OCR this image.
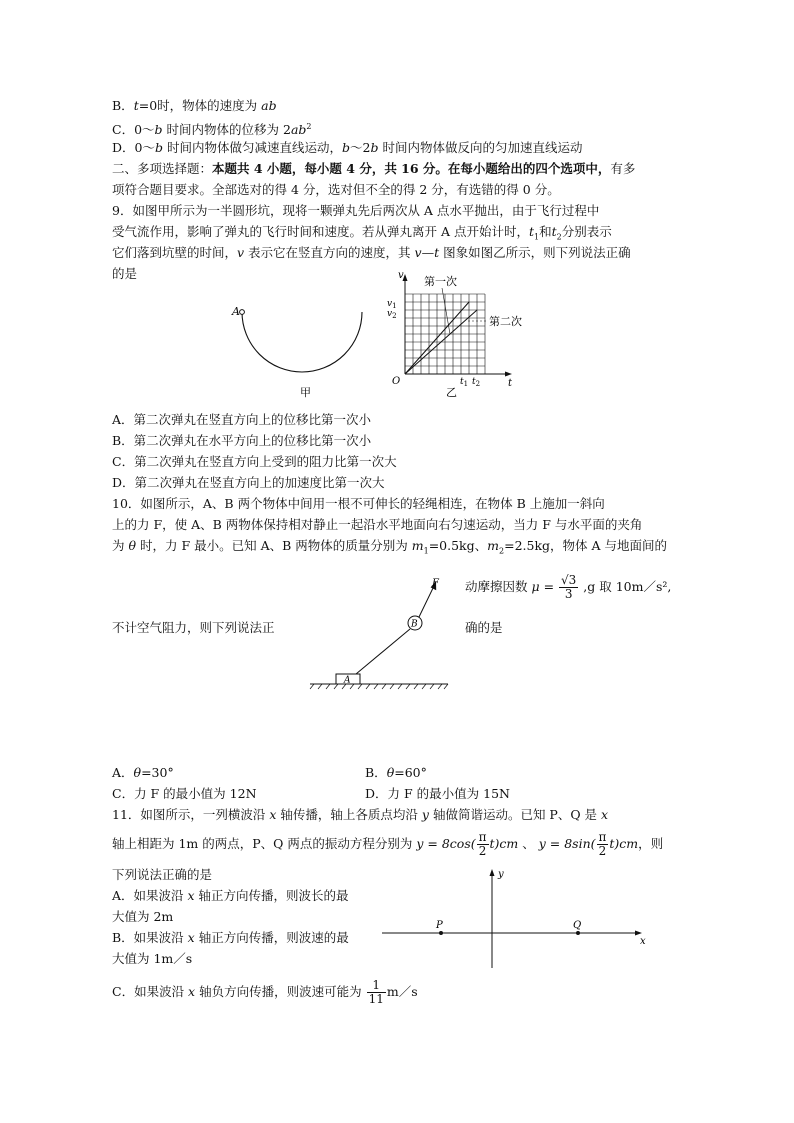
B．t=0时，物体的速度为 ab
C．0～b 时间内物体的位移为 $2ab^2$
D．0～b 时间内物体做匀减速直线运动，b～2b 时间内物体做反向的匀加速直线运动
二、多项选择题：本题共 4 小题，每小题 4 分，共 16 分。在每小题给出的四个选项中，有多
项符合题目要求。全部选对的得 4 分，选对但不全的得 2 分，有选错的得 0 分。
9．如图甲所示为一半圆形坑，现将一颗弹丸先后两次从 A 点水平抛出，由于飞行过程中
受气流作用，影响了弹丸的飞行时间和速度。若从弹丸离开 A 点开始计时，$t_1$和$t_2$分别表示
它们落到坑壁的时间，v 表示它在竖直方向的速度，其 v—t 图象如图乙所示，则下列说法正确
的是
A
甲
第一次
第二次
v
t
O
$v_1$
$v_2$
$t_1$ $t_2$
乙
A．第二次弹丸在竖直方向上的位移比第一次小
B．第二次弹丸在水平方向上的位移比第一次小
C．第二次弹丸在竖直方向上受到的阻力比第一次大
D．第二次弹丸在竖直方向上的加速度比第一次大
10．如图所示，A、B 两个物体中间用一根不可伸长的轻绳相连，在物体 B 上施加一斜向
上的力 F，使 A、B 两物体保持相对静止一起沿水平地面向右匀速运动，当力 F 与水平面的夹角
为 θ 时，力 F 最小。已知 A、B 两物体的质量分别为 $m_1=0.5kg$、$m_2=2.5kg$，物体 A 与地面间的
动摩擦因数 $\mu = \frac{√3}{3} ,g$ 取 10m／s²,
不计空气阻力，则下列说法正	确的是
A
B
F
A．θ=30°	B．θ=60°
C．力 F 的最小值为 12N	D．力 F 的最小值为 15N
11．如图所示，一列横波沿 x 轴传播，轴上各质点均沿 y 轴做简谐运动。已知 P、Q 是 x
轴上相距为 1m 的两点，P、Q 两点的振动方程分别为 $y = 8\cos( \frac{\pi}{2} t)cm$ 、 $y = 8\sin( \frac{\pi}{2} t)cm$，则
下列说法正确的是
A．如果波沿 x 轴正方向传播，则波长的最
大值为 2m
B．如果波沿 x 轴正方向传播，则波速的最
大值为 1m／s
C．如果波沿 x 轴负方向传播，则波速可能为 $\frac{1}{11}$ m／s
y
x
P	Q
